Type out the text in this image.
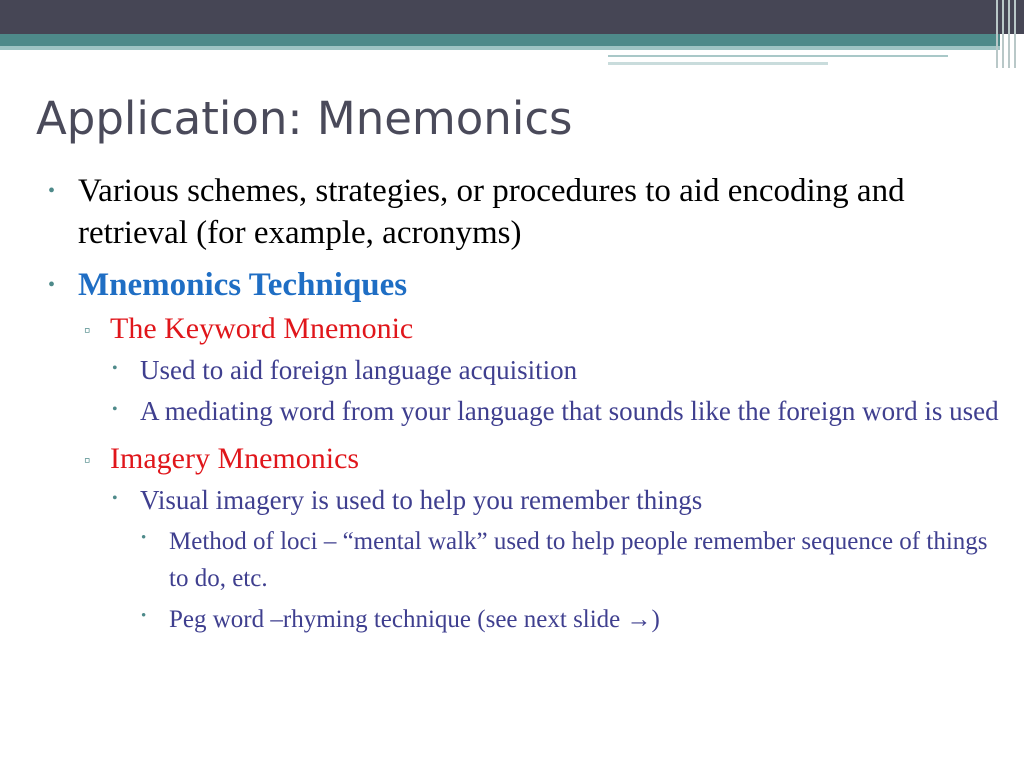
Application: Mnemonics
• Various schemes, strategies, or procedures to aid encoding and retrieval (for example, acronyms)
• Mnemonics Techniques
▫ The Keyword Mnemonic
• Used to aid foreign language acquisition
• A mediating word from your language that sounds like the foreign word is used
▫ Imagery Mnemonics
• Visual imagery is used to help you remember things
• Method of loci – “mental walk” used to help people remember sequence of things to do, etc.
• Peg word –rhyming technique (see next slide →)
